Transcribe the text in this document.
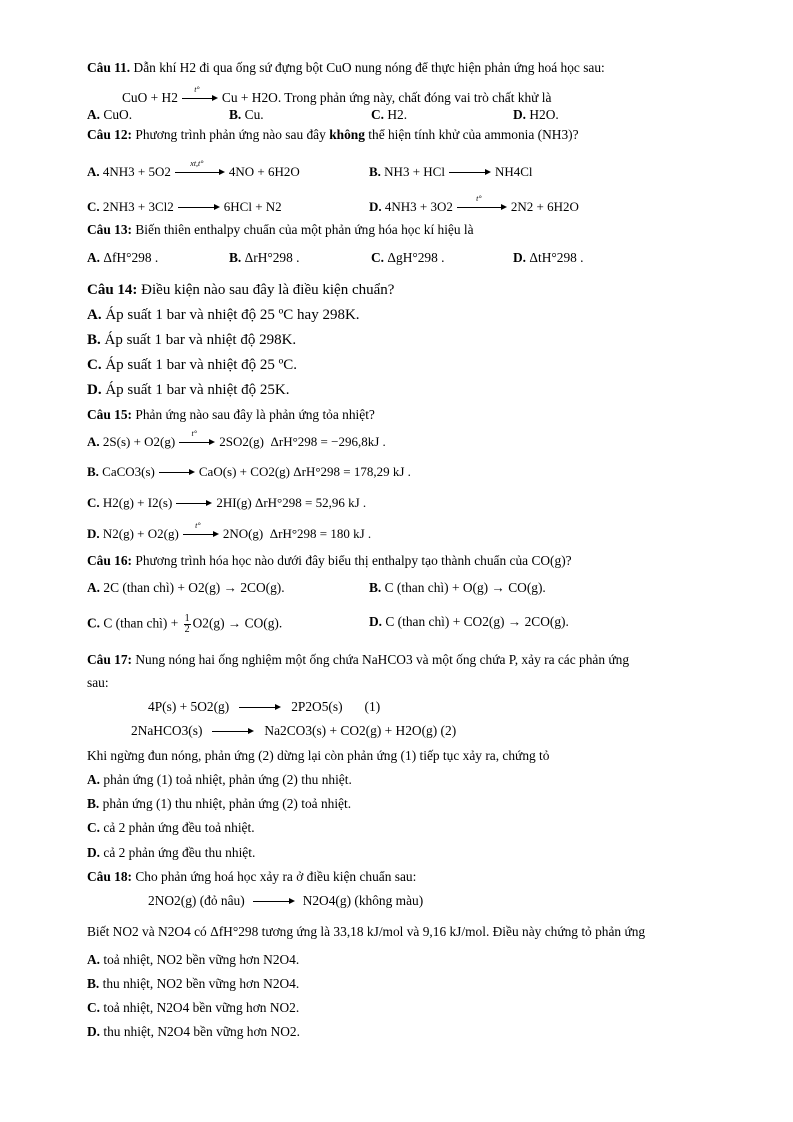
Câu 11. Dẫn khí H2 đi qua ống sứ đựng bột CuO nung nóng để thực hiện phản ứng hoá học sau:
CuO + H2
t°
Cu + H2O. Trong phản ứng này, chất đóng vai trò chất khử là
A. CuO.	B. Cu.	C. H2.	D. H2O.
Câu 12: Phương trình phản ứng nào sau đây không thể hiện tính khử của ammonia (NH3)?
A. 4NH3 + 5O2
xt,t°
4NO + 6H2O	B. NH3 + HCl	NH4Cl
C. 2NH3 + 3Cl2	6HCl + N2	D. 4NH3 + 3O2
t°
2N2 + 6H2O
Câu 13: Biến thiên enthalpy chuẩn của một phản ứng hóa học kí hiệu là
A. ΔfH°298 .	B. ΔrH°298 .	C. ΔgH°298 .	D. ΔtH°298 .
Câu 14: Điều kiện nào sau đây là điều kiện chuẩn?
A. Áp suất 1 bar và nhiệt độ 25 ºC hay 298K.
B. Áp suất 1 bar và nhiệt độ 298K.
C. Áp suất 1 bar và nhiệt độ 25 ºC.
D. Áp suất 1 bar và nhiệt độ 25K.
Câu 15: Phản ứng nào sau đây là phản ứng tỏa nhiệt?
A. 2S(s) + O2(g)
t°
2SO2(g) ΔrH°298 = −296,8kJ .
B. CaCO3(s)	CaO(s) + CO2(g) ΔrH°298 = 178,29 kJ .
C. H2(g) + I2(s)	2HI(g) ΔrH°298 = 52,96 kJ .
D. N2(g) + O2(g)
t°
2NO(g) ΔrH°298 = 180 kJ .
Câu 16: Phương trình hóa học nào dưới đây biểu thị enthalpy tạo thành chuẩn của CO(g)?
A. 2C (than chì) + O2(g) → 2CO(g).	B. C (than chì) + O(g) → CO(g).
C. C (than chì) + $\frac{1}{2} O2(g) \to CO(g)$.	D. C (than chì) + CO2(g) → 2CO(g).
Câu 17: Nung nóng hai ống nghiệm một ống chứa NaHCO3 và một ống chứa P, xảy ra các phản ứng
sau:
4P(s) + 5O2(g)	2P2O5(s) (1)
2NaHCO3(s)	Na2CO3(s) + CO2(g) + H2O(g) (2)
Khi ngừng đun nóng, phản ứng (2) dừng lại còn phản ứng (1) tiếp tục xảy ra, chứng tỏ
A. phản ứng (1) toả nhiệt, phản ứng (2) thu nhiệt.
B. phản ứng (1) thu nhiệt, phản ứng (2) toả nhiệt.
C. cả 2 phản ứng đều toả nhiệt.
D. cả 2 phản ứng đều thu nhiệt.
Câu 18: Cho phản ứng hoá học xảy ra ở điều kiện chuẩn sau:
2NO2(g) (đỏ nâu)	N2O4(g) (không màu)
Biết NO2 và N2O4 có ΔfH°298 tương ứng là 33,18 kJ/mol và 9,16 kJ/mol. Điều này chứng tỏ phản ứng
A. toả nhiệt, NO2 bền vững hơn N2O4.
B. thu nhiệt, NO2 bền vững hơn N2O4.
C. toả nhiệt, N2O4 bền vững hơn NO2.
D. thu nhiệt, N2O4 bền vững hơn NO2.
